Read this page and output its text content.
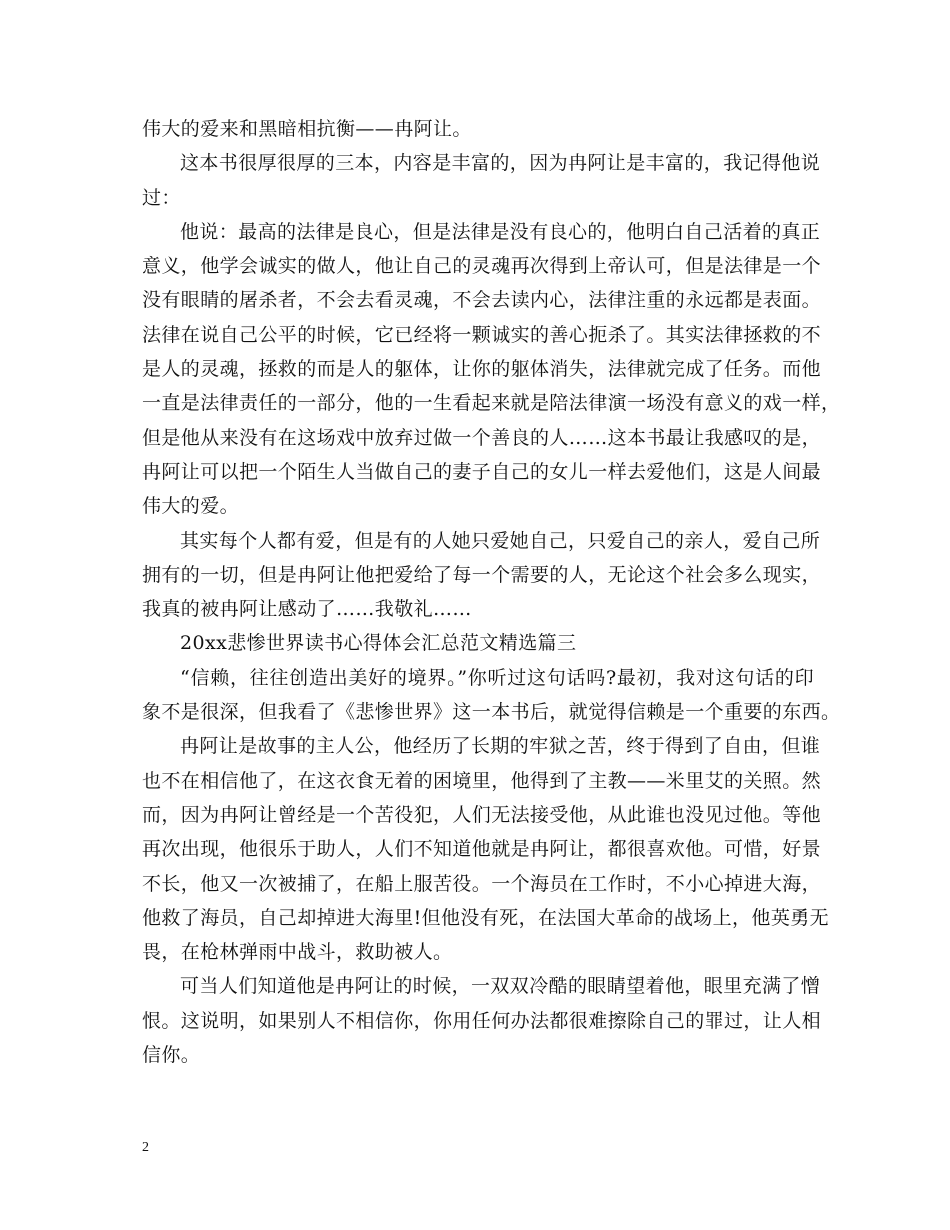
伟大的爱来和黑暗相抗衡——冉阿让。
这本书很厚很厚的三本，内容是丰富的，因为冉阿让是丰富的，我记得他说
过：
他说：最高的法律是良心，但是法律是没有良心的，他明白自己活着的真正
意义，他学会诚实的做人，他让自己的灵魂再次得到上帝认可，但是法律是一个
没有眼睛的屠杀者，不会去看灵魂，不会去读内心，法律注重的永远都是表面。
法律在说自己公平的时候，它已经将一颗诚实的善心扼杀了。其实法律拯救的不
是人的灵魂，拯救的而是人的躯体，让你的躯体消失，法律就完成了任务。而他
一直是法律责任的一部分，他的一生看起来就是陪法律演一场没有意义的戏一样，
但是他从来没有在这场戏中放弃过做一个善良的人……这本书最让我感叹的是，
冉阿让可以把一个陌生人当做自己的妻子自己的女儿一样去爱他们，这是人间最
伟大的爱。
其实每个人都有爱，但是有的人她只爱她自己，只爱自己的亲人，爱自己所
拥有的一切，但是冉阿让他把爱给了每一个需要的人，无论这个社会多么现实，
我真的被冉阿让感动了……我敬礼……
20xx悲惨世界读书心得体会汇总范文精选篇三
“信赖，往往创造出美好的境界。”你听过这句话吗?最初，我对这句话的印
象不是很深，但我看了《悲惨世界》这一本书后，就觉得信赖是一个重要的东西。
冉阿让是故事的主人公，他经历了长期的牢狱之苦，终于得到了自由，但谁
也不在相信他了，在这衣食无着的困境里，他得到了主教——米里艾的关照。然
而，因为冉阿让曾经是一个苦役犯，人们无法接受他，从此谁也没见过他。等他
再次出现，他很乐于助人，人们不知道他就是冉阿让，都很喜欢他。可惜，好景
不长，他又一次被捕了，在船上服苦役。一个海员在工作时，不小心掉进大海，
他救了海员，自己却掉进大海里!但他没有死，在法国大革命的战场上，他英勇无
畏，在枪林弹雨中战斗，救助被人。
可当人们知道他是冉阿让的时候，一双双冷酷的眼睛望着他，眼里充满了憎
恨。这说明，如果别人不相信你，你用任何办法都很难擦除自己的罪过，让人相
信你。
2
